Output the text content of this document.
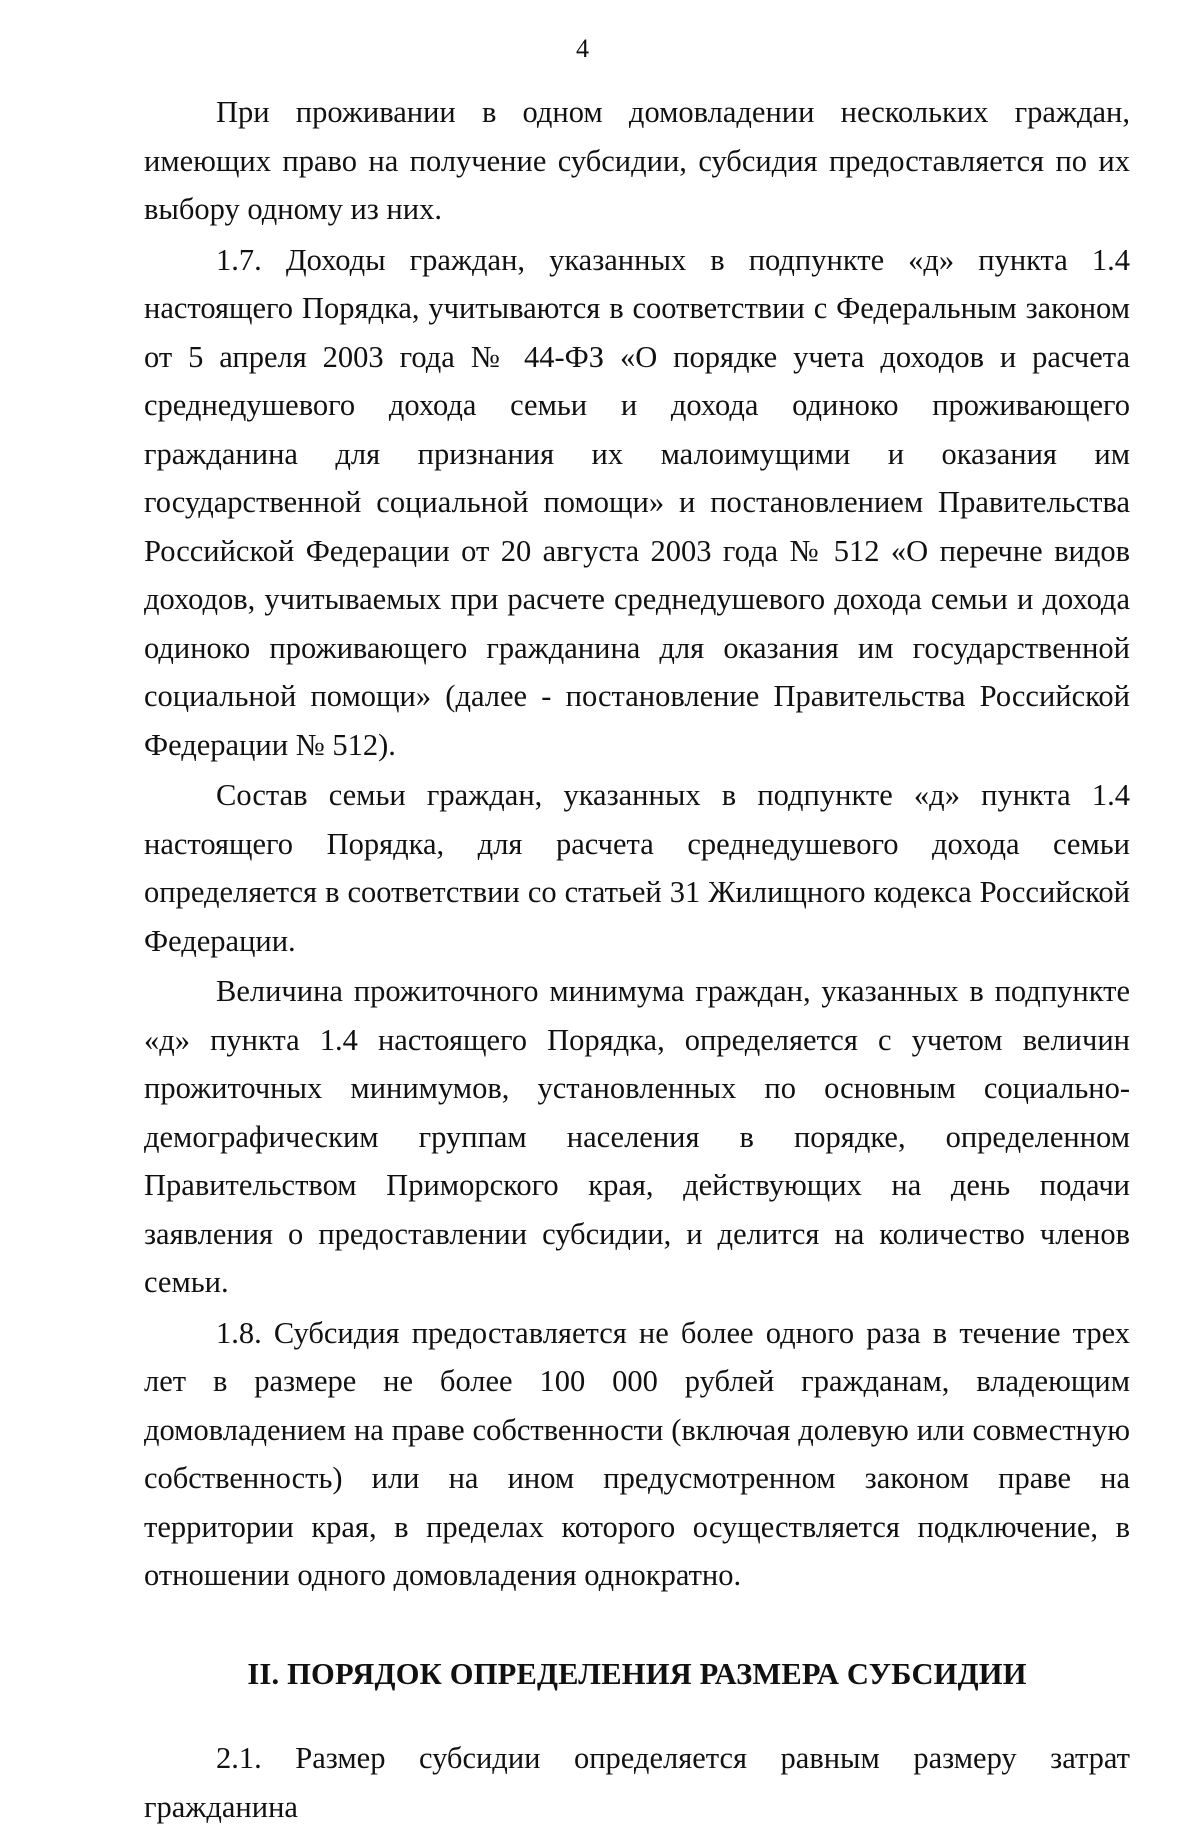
4

При проживании в одном домовладении нескольких граждан, имеющих право на получение субсидии, субсидия предоставляется по их выбору одному из них.

1.7. Доходы граждан, указанных в подпункте «д» пункта 1.4 настоящего Порядка, учитываются в соответствии с Федеральным законом от 5 апреля 2003 года № 44-ФЗ «О порядке учета доходов и расчета среднедушевого дохода семьи и дохода одиноко проживающего гражданина для признания их малоимущими и оказания им государственной социальной помощи» и постановлением Правительства Российской Федерации от 20 августа 2003 года № 512 «О перечне видов доходов, учитываемых при расчете среднедушевого дохода семьи и дохода одиноко проживающего гражданина для оказания им государственной социальной помощи» (далее - постановление Правительства Российской Федерации № 512).

Состав семьи граждан, указанных в подпункте «д» пункта 1.4 настоящего Порядка, для расчета среднедушевого дохода семьи определяется в соответствии со статьей 31 Жилищного кодекса Российской Федерации.

Величина прожиточного минимума граждан, указанных в подпункте «д» пункта 1.4 настоящего Порядка, определяется с учетом величин прожиточных минимумов, установленных по основным социально-демографическим группам населения в порядке, определенном Правительством Приморского края, действующих на день подачи заявления о предоставлении субсидии, и делится на количество членов семьи.

1.8. Субсидия предоставляется не более одного раза в течение трех лет в размере не более 100 000 рублей гражданам, владеющим домовладением на праве собственности (включая долевую или совместную собственность) или на ином предусмотренном законом праве на территории края, в пределах которого осуществляется подключение, в отношении одного домовладения однократно.

II. ПОРЯДОК ОПРЕДЕЛЕНИЯ РАЗМЕРА СУБСИДИИ

2.1. Размер субсидии определяется равным размеру затрат гражданина
